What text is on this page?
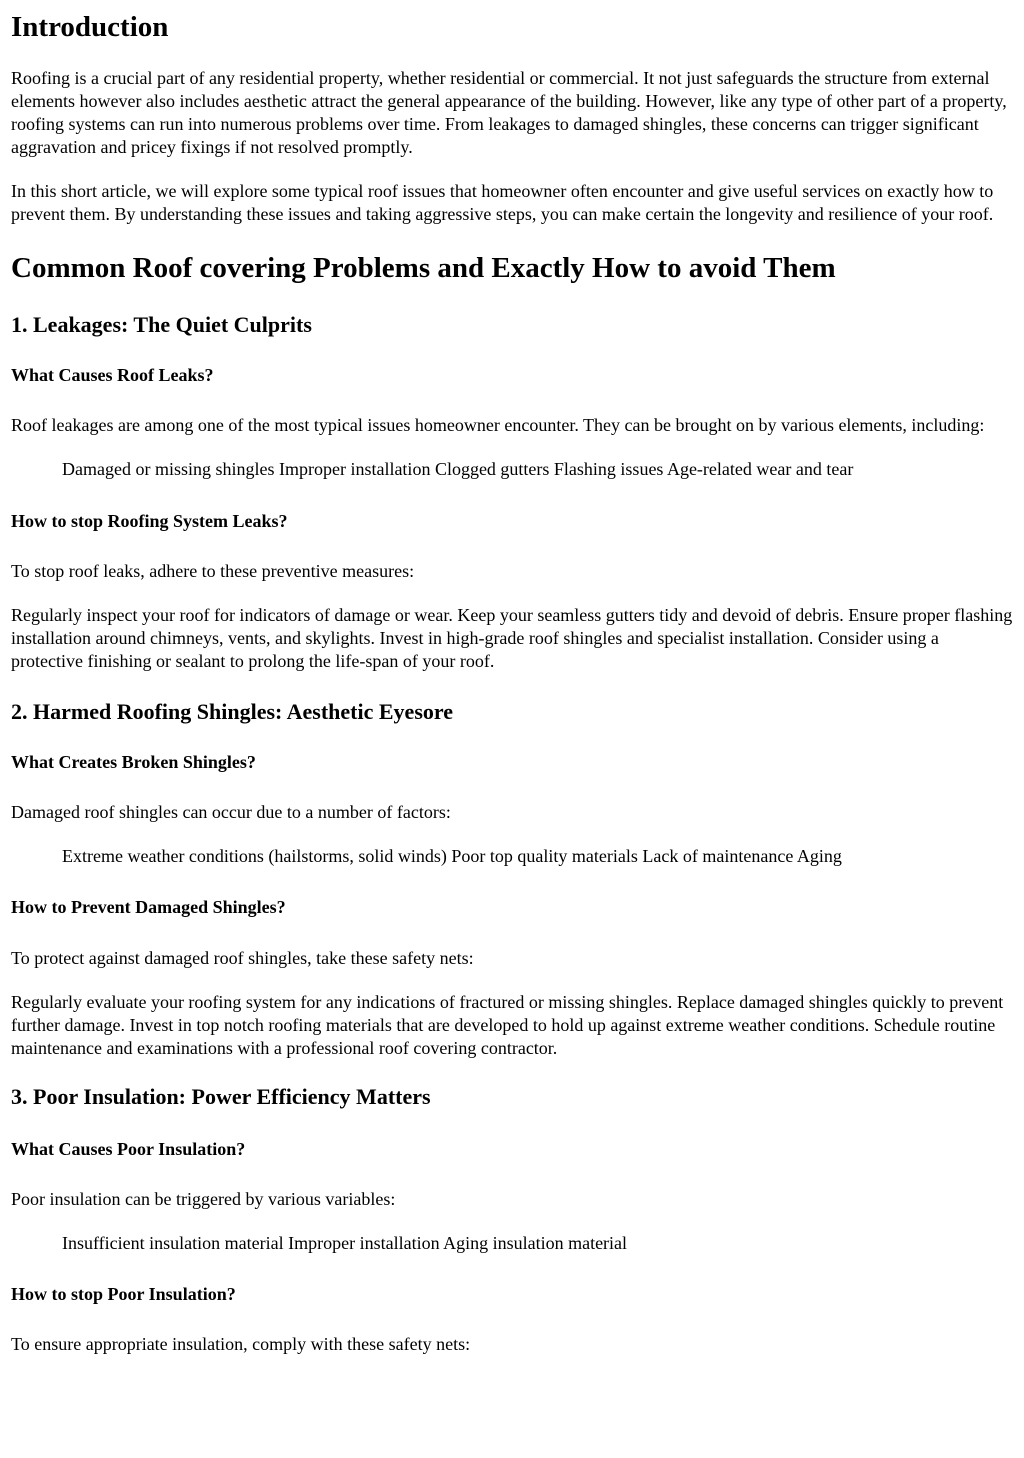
Introduction

Roofing is a crucial part of any residential property, whether residential or commercial. It not just safeguards the structure from external elements however also includes aesthetic attract the general appearance of the building. However, like any type of other part of a property, roofing systems can run into numerous problems over time. From leakages to damaged shingles, these concerns can trigger significant aggravation and pricey fixings if not resolved promptly.

In this short article, we will explore some typical roof issues that homeowner often encounter and give useful services on exactly how to prevent them. By understanding these issues and taking aggressive steps, you can make certain the longevity and resilience of your roof.

Common Roof covering Problems and Exactly How to avoid Them
1. Leakages: The Quiet Culprits
What Causes Roof Leaks?

Roof leakages are among one of the most typical issues homeowner encounter. They can be brought on by various elements, including:

Damaged or missing shingles Improper installation Clogged gutters Flashing issues Age-related wear and tear
How to stop Roofing System Leaks?

To stop roof leaks, adhere to these preventive measures:

Regularly inspect your roof for indicators of damage or wear. Keep your seamless gutters tidy and devoid of debris. Ensure proper flashing installation around chimneys, vents, and skylights. Invest in high-grade roof shingles and specialist installation. Consider using a protective finishing or sealant to prolong the life-span of your roof.

2. Harmed Roofing Shingles: Aesthetic Eyesore
What Creates Broken Shingles?

Damaged roof shingles can occur due to a number of factors:

Extreme weather conditions (hailstorms, solid winds) Poor top quality materials Lack of maintenance Aging
How to Prevent Damaged Shingles?

To protect against damaged roof shingles, take these safety nets:

Regularly evaluate your roofing system for any indications of fractured or missing shingles. Replace damaged shingles quickly to prevent further damage. Invest in top notch roofing materials that are developed to hold up against extreme weather conditions. Schedule routine maintenance and examinations with a professional roof covering contractor.

3. Poor Insulation: Power Efficiency Matters
What Causes Poor Insulation?

Poor insulation can be triggered by various variables:

Insufficient insulation material Improper installation Aging insulation material
How to stop Poor Insulation?

To ensure appropriate insulation, comply with these safety nets:
